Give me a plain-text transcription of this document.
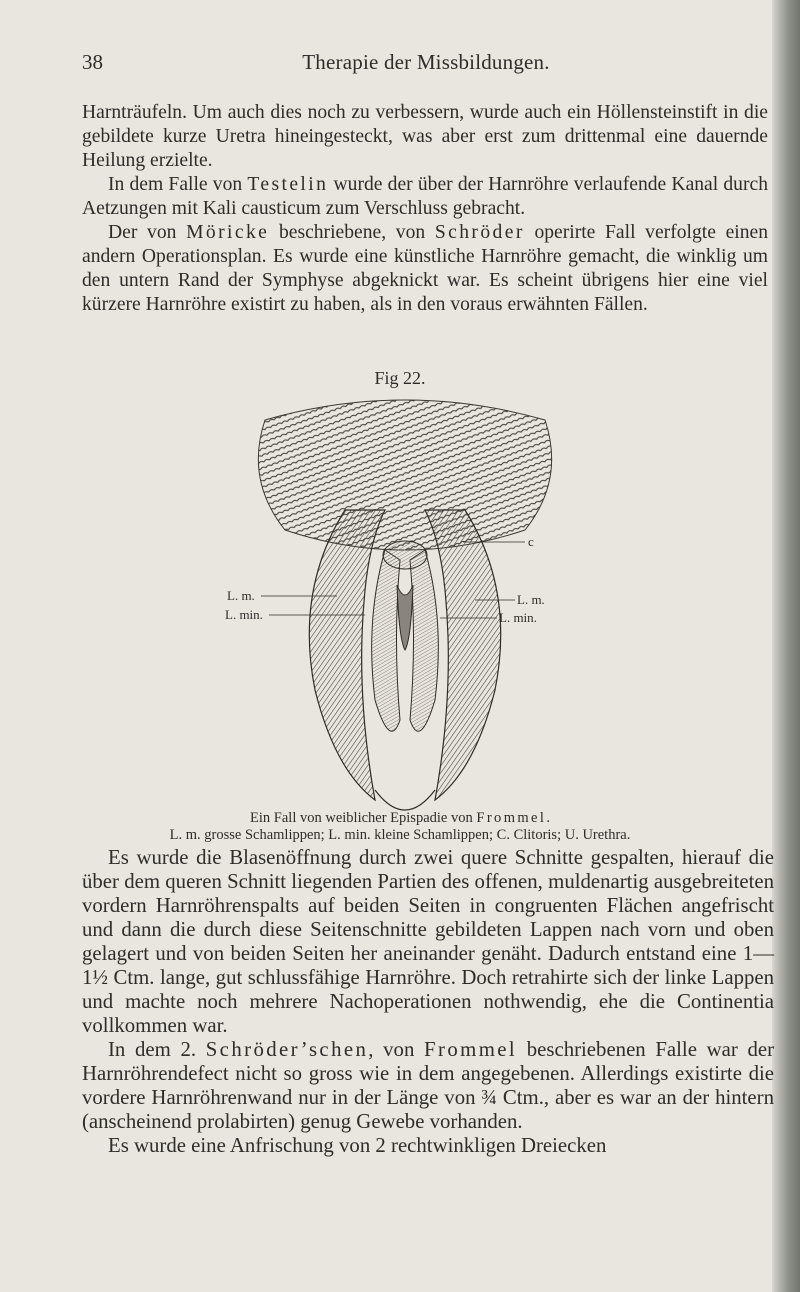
38	Therapie der Missbildungen.

Harnträufeln. Um auch dies noch zu verbessern, wurde auch ein Höllensteinstift in die gebildete kurze Uretra hineingesteckt, was aber erst zum drittenmal eine dauernde Heilung erzielte.

In dem Falle von Testelin wurde der über der Harnröhre verlaufende Kanal durch Aetzungen mit Kali causticum zum Verschluss gebracht.

Der von Möricke beschriebene, von Schröder operirte Fall verfolgte einen andern Operationsplan. Es wurde eine künstliche Harnröhre gemacht, die winklig um den untern Rand der Symphyse abgeknickt war. Es scheint übrigens hier eine viel kürzere Harnröhre existirt zu haben, als in den voraus erwähnten Fällen.

Fig 22.
c
L. m.
L. min.
L. m.
L. min.
Ein Fall von weiblicher Epispadie von Frommel.
L. m. grosse Schamlippen; L. min. kleine Schamlippen; C. Clitoris; U. Urethra.

Es wurde die Blasenöffnung durch zwei quere Schnitte gespalten, hierauf die über dem queren Schnitt liegenden Partien des offenen, muldenartig ausgebreiteten vordern Harnröhrenspalts auf beiden Seiten in congruenten Flächen angefrischt und dann die durch diese Seitenschnitte gebildeten Lappen nach vorn und oben gelagert und von beiden Seiten her aneinander genäht. Dadurch entstand eine 1—1½ Ctm. lange, gut schlussfähige Harnröhre. Doch retrahirte sich der linke Lappen und machte noch mehrere Nachoperationen nothwendig, ehe die Continentia vollkommen war.

In dem 2. Schröder’schen, von Frommel beschriebenen Falle war der Harnröhrendefect nicht so gross wie in dem angegebenen. Allerdings existirte die vordere Harnröhrenwand nur in der Länge von ¾ Ctm., aber es war an der hintern (anscheinend prolabirten) genug Gewebe vorhanden.

Es wurde eine Anfrischung von 2 rechtwinkligen Dreiecken
